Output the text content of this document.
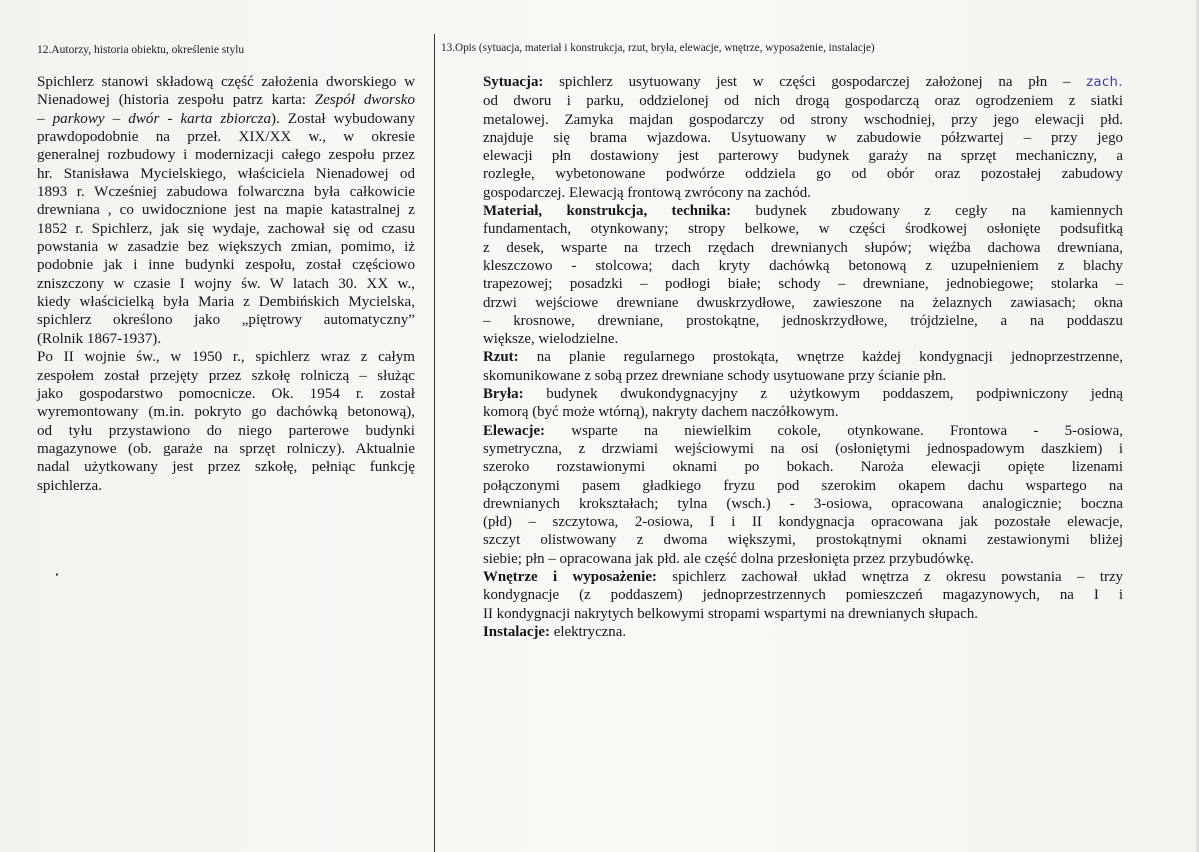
12.Autorzy, historia obiektu, określenie stylu	13.Opis (sytuacja, materiał i konstrukcja, rzut, bryła, elewacje, wnętrze, wyposażenie, instalacje)
Spichlerz stanowi składową część założenia dworskiego w
Nienadowej (historia zespołu patrz karta: Zespół dworsko
– parkowy – dwór - karta zbiorcza). Został wybudowany
prawdopodobnie na przeł. XIX/XX w., w okresie
generalnej rozbudowy i modernizacji całego zespołu przez
hr. Stanisława Mycielskiego, właściciela Nienadowej od
1893 r. Wcześniej zabudowa folwarczna była całkowicie
drewniana , co uwidocznione jest na mapie katastralnej z
1852 r. Spichlerz, jak się wydaje, zachował się od czasu
powstania w zasadzie bez większych zmian, pomimo, iż
podobnie jak i inne budynki zespołu, został częściowo
zniszczony w czasie I wojny św. W latach 30. XX w.,
kiedy właścicielką była Maria z Dembińskich Mycielska,
spichlerz określono jako „piętrowy automatyczny”
(Rolnik 1867-1937).
Po II wojnie św., w 1950 r., spichlerz wraz z całym
zespołem został przejęty przez szkołę rolniczą – służąc
jako gospodarstwo pomocnicze. Ok. 1954 r. został
wyremontowany (m.in. pokryto go dachówką betonową),
od tyłu przystawiono do niego parterowe budynki
magazynowe (ob. garaże na sprzęt rolniczy). Aktualnie
nadal użytkowany jest przez szkołę, pełniąc funkcję
spichlerza.
Sytuacja: spichlerz usytuowany jest w części gospodarczej założonej na płn – zach.
od dworu i parku, oddzielonej od nich drogą gospodarczą oraz ogrodzeniem z siatki
metalowej. Zamyka majdan gospodarczy od strony wschodniej, przy jego elewacji płd.
znajduje się brama wjazdowa. Usytuowany w zabudowie półzwartej – przy jego
elewacji płn dostawiony jest parterowy budynek garaży na sprzęt mechaniczny, a
rozległe, wybetonowane podwórze oddziela go od obór oraz pozostałej zabudowy
gospodarczej. Elewacją frontową zwrócony na zachód.
Materiał, konstrukcja, technika: budynek zbudowany z cegły na kamiennych
fundamentach, otynkowany; stropy belkowe, w części środkowej osłonięte podsufitką
z desek, wsparte na trzech rzędach drewnianych słupów; więźba dachowa drewniana,
kleszczowo - stolcowa; dach kryty dachówką betonową z uzupełnieniem z blachy
trapezowej; posadzki – podłogi białe; schody – drewniane, jednobiegowe; stolarka –
drzwi wejściowe drewniane dwuskrzydłowe, zawieszone na żelaznych zawiasach; okna
– krosnowe, drewniane, prostokątne, jednoskrzydłowe, trójdzielne, a na poddaszu
większe, wielodzielne.
Rzut: na planie regularnego prostokąta, wnętrze każdej kondygnacji jednoprzestrzenne,
skomunikowane z sobą przez drewniane schody usytuowane przy ścianie płn.
Bryła: budynek dwukondygnacyjny z użytkowym poddaszem, podpiwniczony jedną
komorą (być może wtórną), nakryty dachem naczółkowym.
Elewacje: wsparte na niewielkim cokole, otynkowane. Frontowa - 5-osiowa,
symetryczna, z drzwiami wejściowymi na osi (osłoniętymi jednospadowym daszkiem) i
szeroko rozstawionymi oknami po bokach. Naroża elewacji opięte lizenami
połączonymi pasem gładkiego fryzu pod szerokim okapem dachu wspartego na
drewnianych krokształach; tylna (wsch.) - 3-osiowa, opracowana analogicznie; boczna
(płd) – szczytowa, 2-osiowa, I i II kondygnacja opracowana jak pozostałe elewacje,
szczyt olistwowany z dwoma większymi, prostokątnymi oknami zestawionymi bliżej
siebie; płn – opracowana jak płd. ale część dolna przesłonięta przez przybudówkę.
Wnętrze i wyposażenie: spichlerz zachował układ wnętrza z okresu powstania – trzy
kondygnacje (z poddaszem) jednoprzestrzennych pomieszczeń magazynowych, na I i
II kondygnacji nakrytych belkowymi stropami wspartymi na drewnianych słupach.
Instalacje: elektryczna.
